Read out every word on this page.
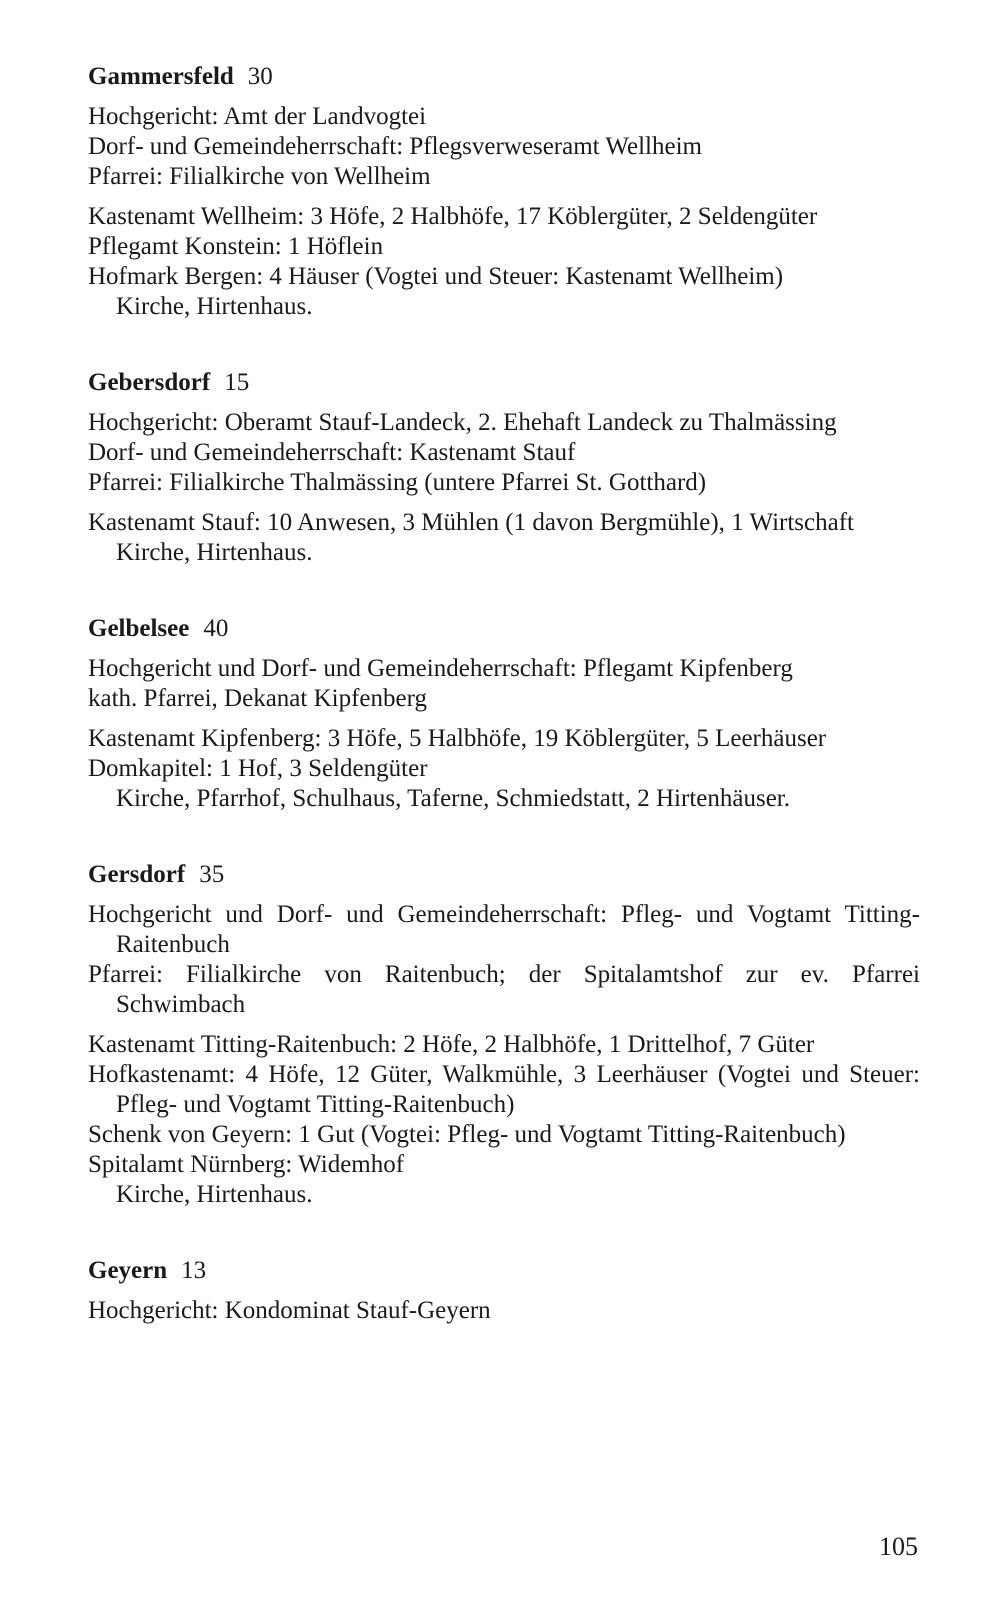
Gammersfeld 30
Hochgericht: Amt der Landvogtei
Dorf- und Gemeindeherrschaft: Pflegsverweseramt Wellheim
Pfarrei: Filialkirche von Wellheim
Kastenamt Wellheim: 3 Höfe, 2 Halbhöfe, 17 Köblergüter, 2 Seldengüter
Pflegamt Konstein: 1 Höflein
Hofmark Bergen: 4 Häuser (Vogtei und Steuer: Kastenamt Wellheim)
Kirche, Hirtenhaus.
Gebersdorf 15
Hochgericht: Oberamt Stauf-Landeck, 2. Ehehaft Landeck zu Thalmässing
Dorf- und Gemeindeherrschaft: Kastenamt Stauf
Pfarrei: Filialkirche Thalmässing (untere Pfarrei St. Gotthard)
Kastenamt Stauf: 10 Anwesen, 3 Mühlen (1 davon Bergmühle), 1 Wirtschaft
Kirche, Hirtenhaus.
Gelbelsee 40
Hochgericht und Dorf- und Gemeindeherrschaft: Pflegamt Kipfenberg
kath. Pfarrei, Dekanat Kipfenberg
Kastenamt Kipfenberg: 3 Höfe, 5 Halbhöfe, 19 Köblergüter, 5 Leerhäuser
Domkapitel: 1 Hof, 3 Seldengüter
Kirche, Pfarrhof, Schulhaus, Taferne, Schmiedstatt, 2 Hirtenhäuser.
Gersdorf 35
Hochgericht und Dorf- und Gemeindeherrschaft: Pfleg- und Vogtamt Titting-Raitenbuch
Pfarrei: Filialkirche von Raitenbuch; der Spitalamtshof zur ev. Pfarrei Schwimbach
Kastenamt Titting-Raitenbuch: 2 Höfe, 2 Halbhöfe, 1 Drittelhof, 7 Güter
Hofkastenamt: 4 Höfe, 12 Güter, Walkmühle, 3 Leerhäuser (Vogtei und Steuer: Pfleg- und Vogtamt Titting-Raitenbuch)
Schenk von Geyern: 1 Gut (Vogtei: Pfleg- und Vogtamt Titting-Raitenbuch)
Spitalamt Nürnberg: Widemhof
Kirche, Hirtenhaus.
Geyern 13
Hochgericht: Kondominat Stauf-Geyern
105
